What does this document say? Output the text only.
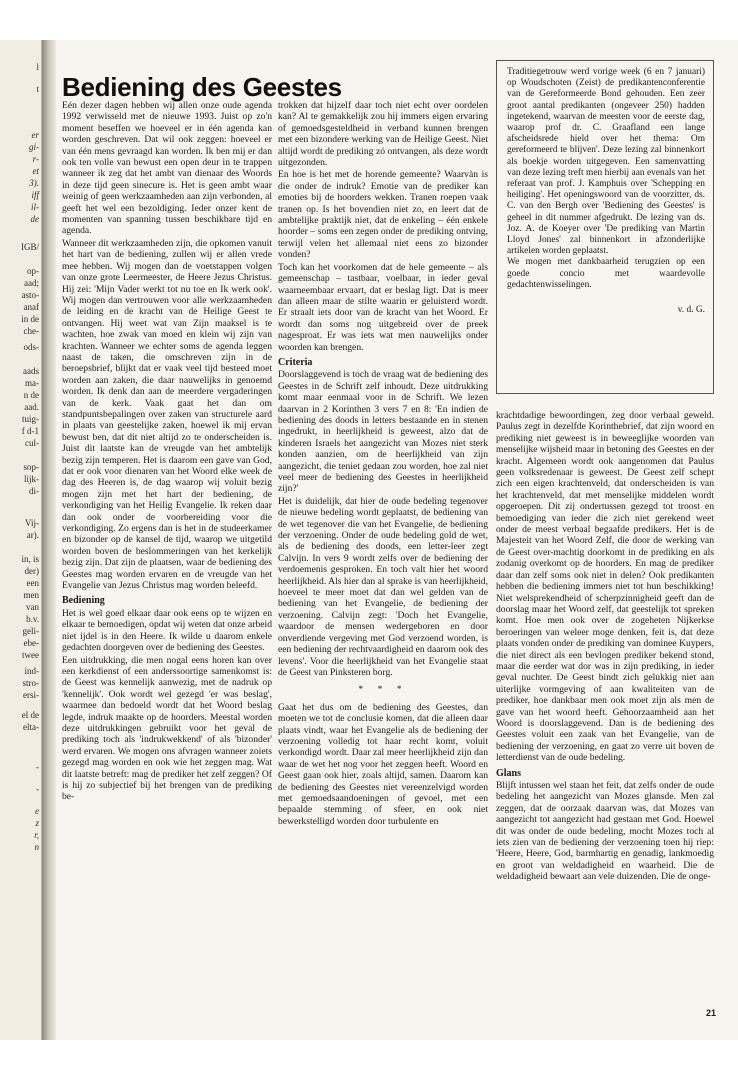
l
t
er
gi-
r-
et
3).
iff
il-
de
IGB/
op-
aad;
asto-
anaf
in de
che-
ods-
aads
ma-
n de
aad.
tuig-
f d-1
cul-
sop-
lijk-
di-
Vij-
ar).
in, is
der)
een
men
van
b.v.
geli-
ebe-
twee
ind-
stro-
ersi-
el de
elta-
-
-
e
z
r,
n
Bediening des Geestes

Eén dezer dagen hebben wij allen onze oude agenda 1992 verwisseld met de nieuwe 1993. Juist op zo'n moment beseffen we hoeveel er in één agenda kan worden geschreven. Dat wil ook zeggen: hoeveel er van één mens gevraagd kan worden. Ik ben mij er dan ook ten volle van bewust een open deur in te trappen wanneer ik zeg dat het ambt van dienaar des Woords in deze tijd geen sinecure is. Het is geen ambt waar weinig of geen werkzaamheden aan zijn verbonden, al geeft het wel een bezoldiging. Ieder onzer kent de momenten van spanning tussen beschikbare tijd en agenda.

Wanneer dit werkzaamheden zijn, die opkomen vanuit het hart van de bediening, zullen wij er allen vrede mee hebben. Wij mogen dan de voetstappen volgen van onze grote Leermeester, de Heere Jezus Christus. Hij zei: 'Mijn Vader werkt tot nu toe en Ik werk ook'. Wij mogen dan vertrouwen voor alle werkzaamheden de leiding en de kracht van de Heilige Geest te ontvangen. Hij weet wat van Zijn maaksel is te wachten, hoe zwak van moed en klein wij zijn van krachten. Wanneer we echter soms de agenda leggen naast de taken, die omschreven zijn in de beroepsbrief, blijkt dat er vaak veel tijd besteed moet worden aan zaken, die daar nauwelijks in genoemd worden. Ik denk dan aan de meerdere vergaderingen van de kerk. Vaak gaat het dan om standpuntsbepalingen over zaken van structurele aard in plaats van geestelijke zaken, hoewel ik mij ervan bewust ben, dat dit niet altijd zo te onderscheiden is. Juist dit laatste kan de vreugde van het ambtelijk bezig zijn temperen. Het is daarom een gave van God, dat er ook voor dienaren van het Woord elke week de dag des Heeren is, de dag waarop wij voluit bezig mogen zijn met het hart der bediening, de verkondiging van het Heilig Evangelie. Ik reken daar dan ook onder de voorbereiding voor die verkondiging. Zo ergens dan is het in de studeerkamer en bizonder op de kansel de tijd, waarop we uitgetild worden boven de beslommeringen van het kerkelijk bezig zijn. Dat zijn de plaatsen, waar de bediening des Geestes mag worden ervaren en de vreugde van het Evangelie van Jezus Christus mag worden beleefd.

Bediening

Het is wel goed elkaar daar ook eens op te wijzen en elkaar te bemoedigen, opdat wij weten dat onze arbeid niet ijdel is in den Heere. Ik wilde u daarom enkele gedachten doorgeven over de bediening des Geestes.

Een uitdrukking, die men nogal eens horen kan over een kerkdienst of een anderssoortige samenkomst is: de Geest was kennelijk aanwezig, met de nadruk op 'kennelijk'. Ook wordt wel gezegd 'er was beslag', waarmee dan bedoeld wordt dat het Woord beslag legde, indruk maakte op de hoorders. Meestal worden deze uitdrukkingen gebruikt voor het geval de prediking toch als 'indrukwekkend' of als 'bizonder' werd ervaren. We mogen ons afvragen wanneer zoiets gezegd mag worden en ook wie het zeggen mag. Wat dit laatste betreft: mag de prediker het zelf zeggen? Of is hij zo subjectief bij het brengen van de prediking be-

trokken dat hijzelf daar toch niet echt over oordelen kan? Al te gemakkelijk zou hij immers eigen ervaring of gemoedsgesteldheid in verband kunnen brengen met een bizondere werking van de Heilige Geest. Niet altijd wordt de prediking zó ontvangen, als deze wordt uitgezonden.

En hoe is het met de horende gemeente? Waarvàn is die onder de indruk? Emotie van de prediker kan emoties bij de hoorders wekken. Tranen roepen vaak tranen op. Is het bovendien niet zo, en leert dat de ambtelijke praktijk niet, dat de enkeling – één enkele hoorder – soms een zegen onder de prediking ontving, terwijl velen het allemaal niet eens zo bizonder vonden?

Toch kan het voorkomen dat de hele gemeente – als gemeenschap – tastbaar, voelbaar, in ieder geval waarneembaar ervaart, dat er beslag ligt. Dat is meer dan alleen maar de stilte waarin er geluisterd wordt. Er straalt iets door van de kracht van het Woord. Er wordt dan soms nog uitgebreid over de preek nagesproat. Er was iets wat men nauwelijks onder woorden kan brengen.

Criteria

Doorslaggevend is toch de vraag wat de bediening des Geestes in de Schrift zelf inhoudt. Deze uitdrukking komt maar eenmaal voor in de Schrift. We lezen daarvan in 2 Korinthen 3 vers 7 en 8: 'En indien de bediening des doods in letters bestaande en in stenen ingedrukt, in heerlijkheid is geweest, alzo dat de kinderen Israels het aangezicht van Mozes niet sterk konden aanzien, om de heerlijkheid van zijn aangezicht, die teniet gedaan zou worden, hoe zal niet veel meer de bediening des Geestes in heerlijkheid zijn?'

Het is duidelijk, dat hier de oude bedeling tegenover de nieuwe bedeling wordt geplaatst, de bediening van de wet tegenover die van het Evangelie, de bediening der verzoening. Onder de oude bedeling gold de wet, als de bediening des doods, een letter-leer zegt Calvijn. In vers 9 wordt zelfs over de bediening der verdoemenis gesproken. En toch valt hier het woord heerlijkheid. Als hier dan al sprake is van heerlijkheid, hoeveel te meer moet dat dan wel gelden van de bediening van het Evangelie, de bediening der verzoening. Calvijn zegt: 'Doch het Evangelie, waardoor de mensen wedergeboren en door onverdiende vergeving met God verzoend worden, is een bediening der rechtvaardigheid en daarom ook des levens'. Voor die heerlijkheid van het Evangelie staat de Geest van Pinksteren borg.

* * *

Gaat het dus om de bediening des Geestes, dan moeten we tot de conclusie komen, dat die alleen daar plaats vindt, waar het Evangelie als de bediening der verzoening volledig tot haar recht komt, voluit verkondigd wordt. Daar zal meer heerlijkheid zijn dan waar de wet het nog voor het zeggen heeft. Woord en Geest gaan ook hier, zoals altijd, samen. Daarom kan de bediening des Geestes niet vereenzelvigd worden met gemoedsaandoeningen of gevoel, met een bepaalde stemming of sfeer, en ook niet bewerkstelligd worden door turbulente en

Traditiegetrouw werd vorige week (6 en 7 januari) op Woudschoten (Zeist) de predikantenconferentie van de Gereformeerde Bond gehouden. Een zeer groot aantal predikanten (ongeveer 250) hadden ingetekend, waarvan de meesten voor de eerste dag, waarop prof dr. C. Graafland een lange afscheidsrede hield over het thema: Om gereformeerd te blijven'. Deze lezing zal binnenkort als boekje worden uitgegeven. Een samenvatting van deze lezing treft men hierbij aan evenals van het referaat van prof. J. Kamphuis over 'Schepping en heiliging'. Het openingswoord van de voorzitter, ds. C. van den Bergh over 'Bediening des Geestes' is geheel in dit nummer afgedrukt. De lezing van ds. Joz. A. de Koeyer over 'De prediking van Martin Lloyd Jones' zal binnenkort in afzonderlijke artikelen worden geplaatst.

We mogen met dankbaarheid terugzien op een goede concio met waardevolle gedachtenwisselingen.

v. d. G.

krachtdadige bewoordingen, zeg door verbaal geweld. Paulus zegt in dezelfde Korinthebrief, dat zijn woord en prediking niet geweest is in beweeglijke woorden van menselijke wijsheid maar in betoning des Geestes en der kracht. Algemeen wordt ook aangenomen dat Paulus geen volksredenaar is geweest. De Geest zelf schept zich een eigen krachtenveld, dat onderscheiden is van het krachtenveld, dat met menselijke middelen wordt opgeroepen. Dit zij ondertussen gezegd tot troost en bemoediging van ieder die zich niet gerekend weet onder de meest verbaal begaafde predikers. Het is de Majesteit van het Woord Zelf, die door de werking van de Geest over-machtig doorkomt in de prediking en als zodanig overkomt op de hoorders. En mag de prediker daar dan zelf soms ook niet in delen? Ook predikanten hebben die bediening immers niet tot hun beschikking! Niet welsprekendheid of scherpzinnigheid geeft dan de doorslag maar het Woord zelf, dat geestelijk tot spreken komt. Hoe men ook over de zogeheten Nijkerkse beroeringen van weleer moge denken, feit is, dat deze plaats vonden onder de prediking van dominee Kuypers, die niet direct als een bevlogen prediker bekend stond, maar die eerder wat dor was in zijn prediking, in ieder geval nuchter. De Geest bindt zich gelukkig niet aan uiterlijke vormgeving of aan kwaliteiten van de prediker, hoe dankbaar men ook moet zijn als men de gave van het woord heeft. Gehoorzaamheid aan het Woord is doorslaggevend. Dan is de bediening des Geestes voluit een zaak van het Evangelie, van de bediening der verzoening, en gaat zo verre uit boven de letterdienst van de oude bedeling.

Glans

Blijft intussen wel staan het feit, dat zelfs onder de oude bedeling het aangezicht van Mozes glansde. Men zal zeggen, dat de oorzaak daarvan was, dat Mozes van aangezicht tot aangezicht had gestaan met God. Hoewel dit was onder de oude bedeling, mocht Mozes toch al iets zien van de bediening der verzoening toen hij riep: 'Heere, Heere, God, barmhartig en genadig, lankmoedig en groot van weldadigheid en waarheid. Die de weldadigheid bewaart aan vele duizenden. Die de onge-

21
